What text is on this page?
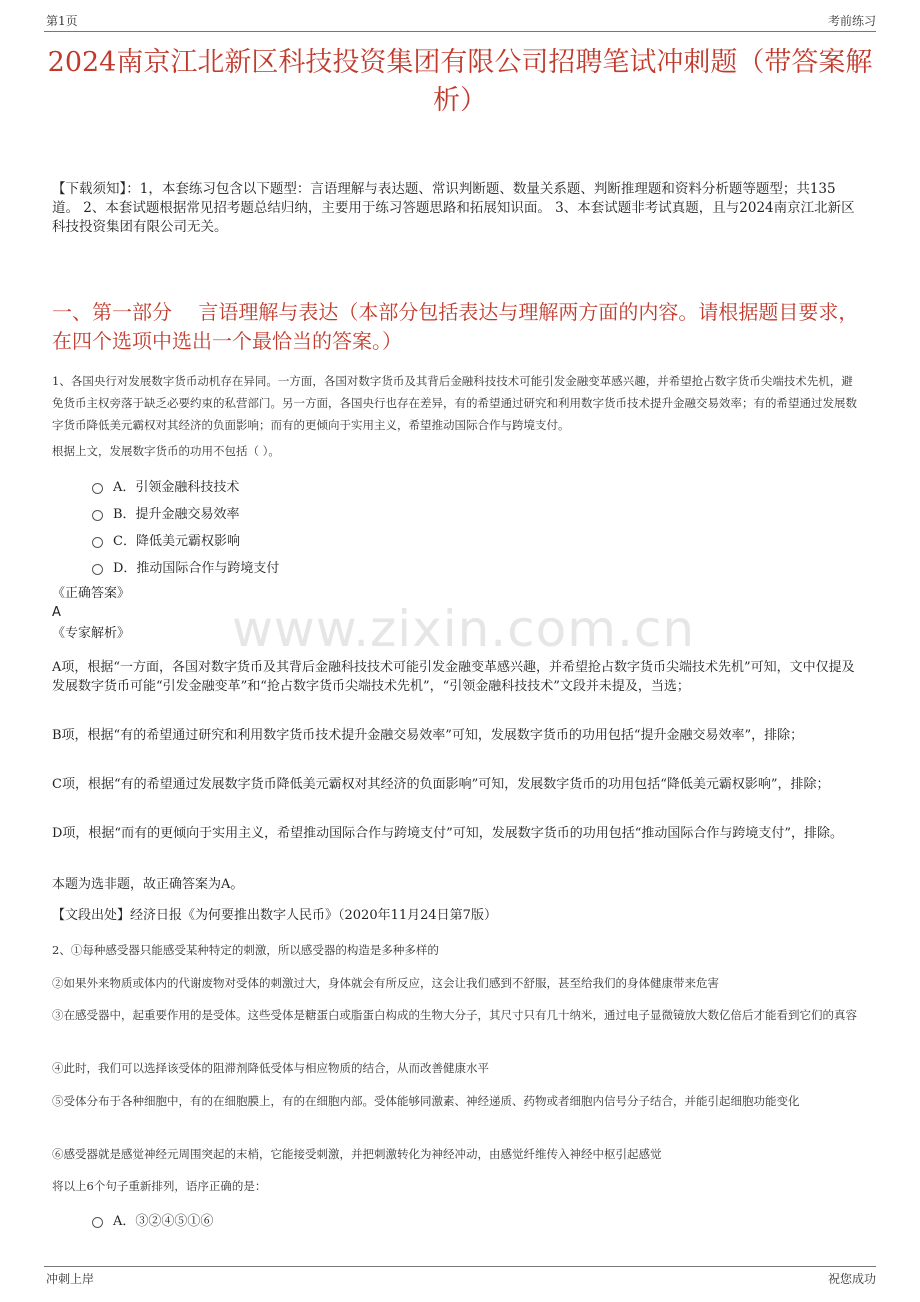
第1页	考前练习
2024南京江北新区科技投资集团有限公司招聘笔试冲刺题（带答案解析）
【下载须知】：1，本套练习包含以下题型：言语理解与表达题、常识判断题、数量关系题、判断推理题和资料分析题等题型；共135道。 2、本套试题根据常见招考题总结归纳，主要用于练习答题思路和拓展知识面。 3、本套试题非考试真题，且与2024南京江北新区科技投资集团有限公司无关。
一、第一部分　 言语理解与表达（本部分包括表达与理解两方面的内容。请根据题目要求，在四个选项中选出一个最恰当的答案。）
1、各国央行对发展数字货币动机存在异同。一方面，各国对数字货币及其背后金融科技技术可能引发金融变革感兴趣，并希望抢占数字货币尖端技术先机，避免货币主权旁落于缺乏必要约束的私营部门。另一方面，各国央行也存在差异，有的希望通过研究和利用数字货币技术提升金融交易效率；有的希望通过发展数字货币降低美元霸权对其经济的负面影响；而有的更倾向于实用主义，希望推动国际合作与跨境支付。
根据上文，发展数字货币的功用不包括（ ）。
A．引领金融科技技术
B．提升金融交易效率
C．降低美元霸权影响
D．推动国际合作与跨境支付
《正确答案》
A
《专家解析》	www.zixin.com.cn
A项，根据“一方面，各国对数字货币及其背后金融科技技术可能引发金融变革感兴趣，并希望抢占数字货币尖端技术先机”可知，文中仅提及发展数字货币可能“引发金融变革”和“抢占数字货币尖端技术先机”，“引领金融科技技术”文段并未提及，当选；
B项，根据“有的希望通过研究和利用数字货币技术提升金融交易效率”可知，发展数字货币的功用包括“提升金融交易效率”，排除；
C项，根据“有的希望通过发展数字货币降低美元霸权对其经济的负面影响”可知，发展数字货币的功用包括“降低美元霸权影响”，排除；
D项，根据“而有的更倾向于实用主义，希望推动国际合作与跨境支付”可知，发展数字货币的功用包括“推动国际合作与跨境支付”，排除。
本题为选非题，故正确答案为A。
【文段出处】经济日报《为何要推出数字人民币》（2020年11月24日第7版）
2、①每种感受器只能感受某种特定的刺激，所以感受器的构造是多种多样的
②如果外来物质或体内的代谢废物对受体的刺激过大，身体就会有所反应，这会让我们感到不舒服，甚至给我们的身体健康带来危害
③在感受器中，起重要作用的是受体。这些受体是糖蛋白或脂蛋白构成的生物大分子，其尺寸只有几十纳米，通过电子显微镜放大数亿倍后才能看到它们的真容
④此时，我们可以选择该受体的阻滞剂降低受体与相应物质的结合，从而改善健康水平
⑤受体分布于各种细胞中，有的在细胞膜上，有的在细胞内部。受体能够同激素、神经递质、药物或者细胞内信号分子结合，并能引起细胞功能变化
⑥感受器就是感觉神经元周围突起的末梢，它能接受刺激，并把刺激转化为神经冲动，由感觉纤维传入神经中枢引起感觉
将以上6个句子重新排列，语序正确的是：
A．③②④⑤①⑥
冲刺上岸	祝您成功
